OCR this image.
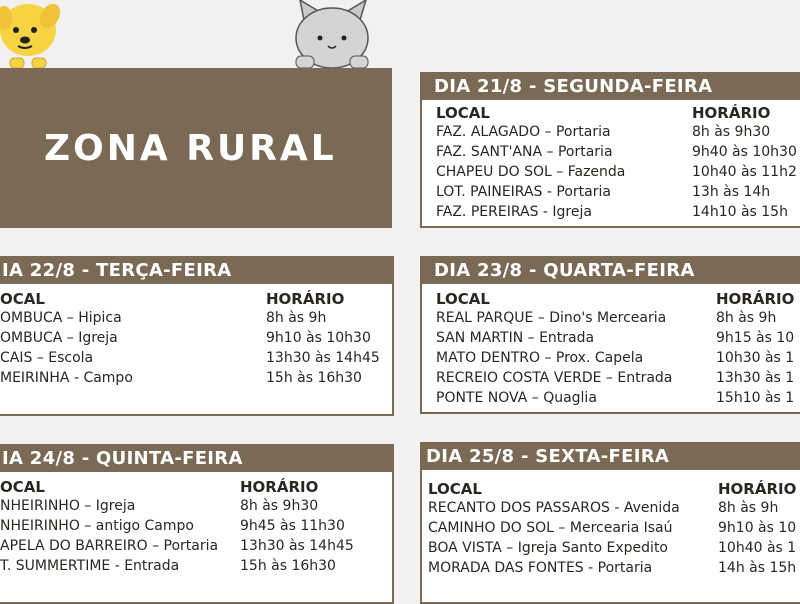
ZONA RURAL
DIA 21/8 - SEGUNDA-FEIRA
LOCAL	HORÁRIO
FAZ. ALAGADO – Portaria	8h às 9h30
FAZ. SANT'ANA – Portaria	9h40 às 10h30
CHAPEU DO SOL – Fazenda	10h40 às 11h2
LOT. PAINEIRAS - Portaria	13h às 14h
FAZ. PEREIRAS - Igreja	14h10 às 15h
IA 22/8 - TERÇA-FEIRA
OCAL	HORÁRIO
OMBUCA – Hipica	8h às 9h
OMBUCA – Igreja	9h10 às 10h30
CAIS – Escola	13h30 às 14h45
MEIRINHA - Campo	15h às 16h30
DIA 23/8 - QUARTA-FEIRA
LOCAL	HORÁRIO
REAL PARQUE – Dino's Mercearia	8h às 9h
SAN MARTIN – Entrada	9h15 às 10
MATO DENTRO – Prox. Capela	10h30 às 1
RECREIO COSTA VERDE – Entrada	13h30 às 1
PONTE NOVA – Quaglia	15h10 às 1
IA 24/8 - QUINTA-FEIRA
OCAL	HORÁRIO
NHEIRINHO – Igreja	8h às 9h30
NHEIRINHO – antigo Campo	9h45 às 11h30
APELA DO BARREIRO – Portaria 13h30 às 14h45
T. SUMMERTIME - Entrada	15h às 16h30
DIA 25/8 - SEXTA-FEIRA
LOCAL	HORÁRIO
RECANTO DOS PASSAROS - Avenida	8h às 9h
CAMINHO DO SOL – Mercearia Isaú	9h10 às 10
BOA VISTA – Igreja Santo Expedito	10h40 às 1
MORADA DAS FONTES - Portaria	14h às 15h
